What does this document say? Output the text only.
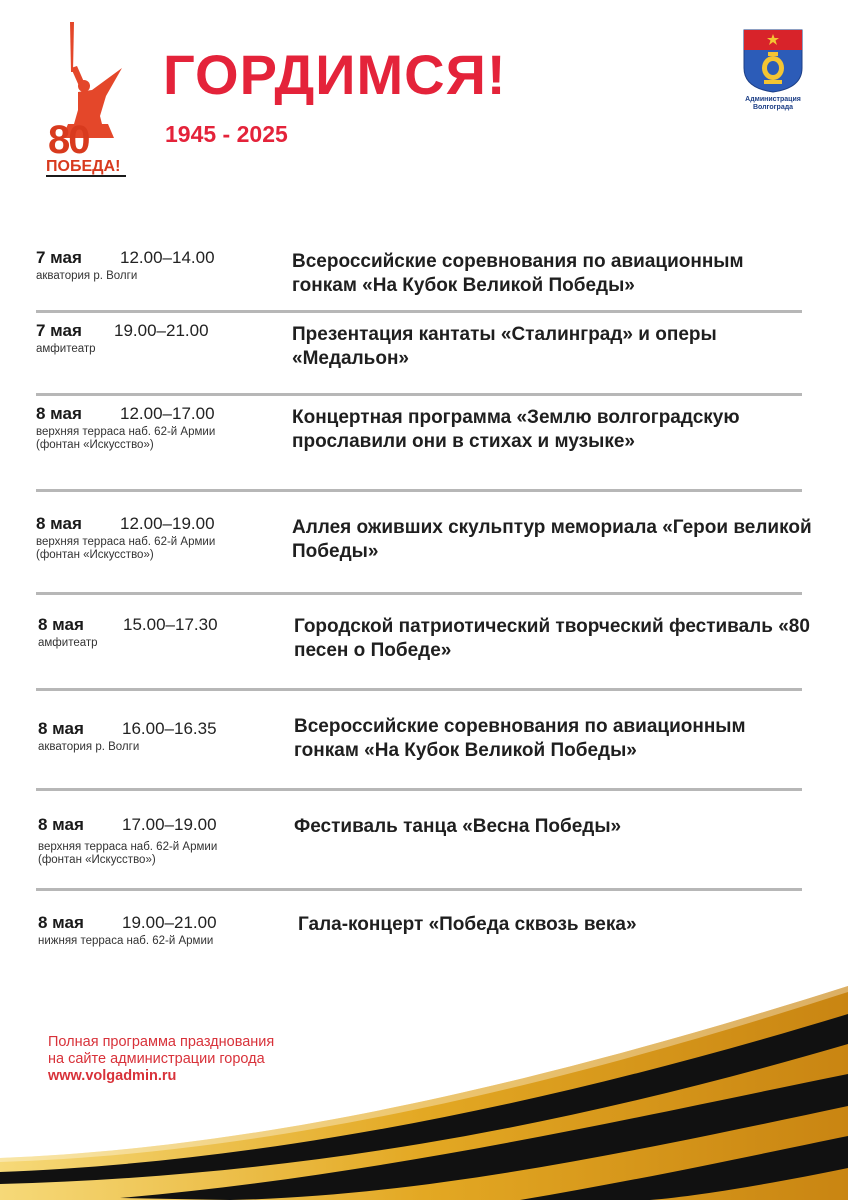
80
ПОБЕДА!
ГОРДИМСЯ!
1945 - 2025
Администрация
Волгограда
7 мая 12.00–14.00
акватория р. Волги
Всероссийские соревнования по авиационным гонкам «На Кубок Великой Победы»
7 мая 19.00–21.00
амфитеатр
Презентация кантаты «Сталинград» и оперы «Медальон»
8 мая 12.00–17.00
верхняя терраса наб. 62-й Армии
(фонтан «Искусство»)
Концертная программа «Землю волгоградскую прославили они в стихах и музыке»
8 мая 12.00–19.00
верхняя терраса наб. 62-й Армии
(фонтан «Искусство»)
Аллея оживших скульптур мемориала «Герои великой Победы»
8 мая 15.00–17.30
амфитеатр
Городской патриотический творческий фестиваль «80 песен о Победе»
8 мая 16.00–16.35
акватория р. Волги
Всероссийские соревнования по авиационным гонкам «На Кубок Великой Победы»
8 мая 17.00–19.00
верхняя терраса наб. 62-й Армии
(фонтан «Искусство»)
Фестиваль танца «Весна Победы»
8 мая 19.00–21.00
нижняя терраса наб. 62-й Армии
Гала-концерт «Победа сквозь века»
Полная программа празднования
на сайте администрации города
www.volgadmin.ru
